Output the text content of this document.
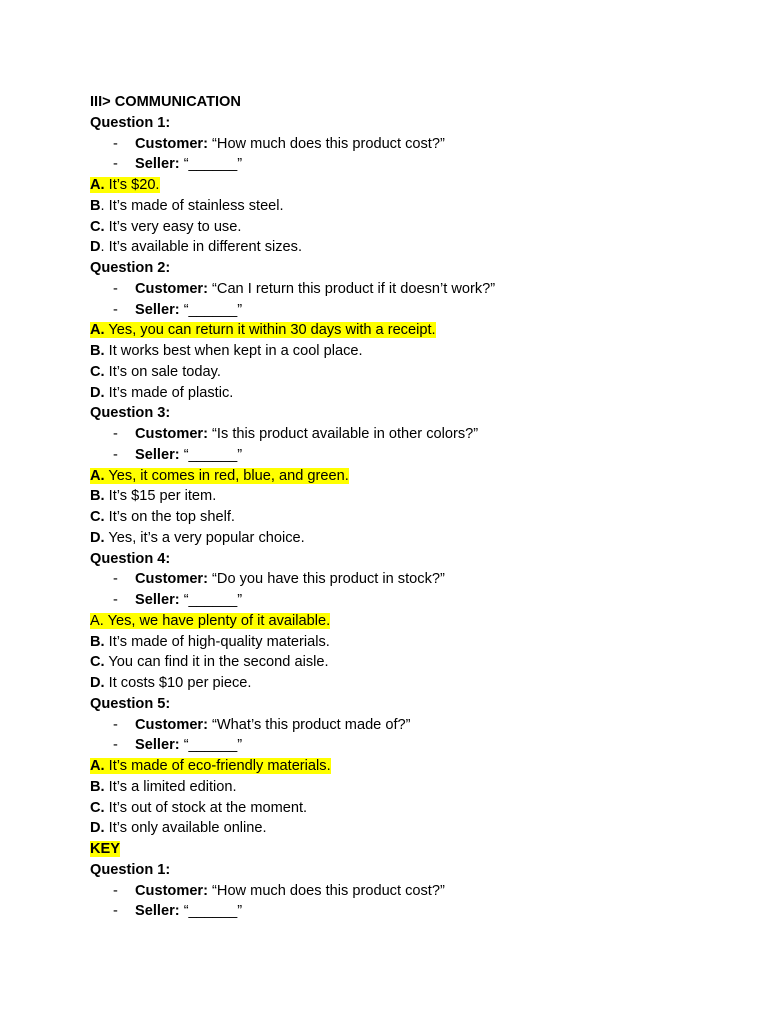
III> COMMUNICATION
Question 1:
- Customer: “How much does this product cost?”
- Seller: “______”
A. It’s $20.
B. It’s made of stainless steel.
C. It’s very easy to use.
D. It’s available in different sizes.
Question 2:
- Customer: “Can I return this product if it doesn’t work?”
- Seller: “______”
A. Yes, you can return it within 30 days with a receipt.
B. It works best when kept in a cool place.
C. It’s on sale today.
D. It’s made of plastic.
Question 3:
- Customer: “Is this product available in other colors?”
- Seller: “______”
A. Yes, it comes in red, blue, and green.
B. It’s $15 per item.
C. It’s on the top shelf.
D. Yes, it’s a very popular choice.
Question 4:
- Customer: “Do you have this product in stock?”
- Seller: “______”
A. Yes, we have plenty of it available.
B. It’s made of high-quality materials.
C. You can find it in the second aisle.
D. It costs $10 per piece.
Question 5:
- Customer: “What’s this product made of?”
- Seller: “______”
A. It’s made of eco-friendly materials.
B. It’s a limited edition.
C. It’s out of stock at the moment.
D. It’s only available online.
KEY
Question 1:
- Customer: “How much does this product cost?”
- Seller: “______”
